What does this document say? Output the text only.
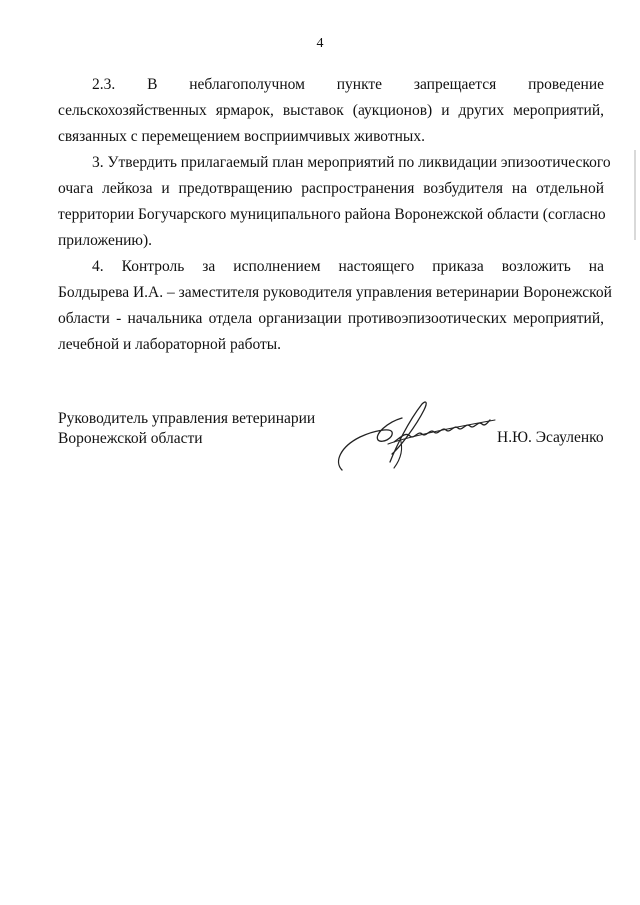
4
2.3. В неблагополучном пункте запрещается проведение
сельскохозяйственных ярмарок, выставок (аукционов) и других мероприятий,
связанных с перемещением восприимчивых животных.
3. Утвердить прилагаемый план мероприятий по ликвидации эпизоотического
очага лейкоза и предотвращению распространения возбудителя на отдельной
территории Богучарского муниципального района Воронежской области (согласно
приложению).
4. Контроль за исполнением настоящего приказа возложить на
Болдырева И.А. – заместителя руководителя управления ветеринарии Воронежской
области - начальника отдела организации противоэпизоотических мероприятий,
лечебной и лабораторной работы.
Руководитель управления ветеринарии
Воронежской области	Н.Ю. Эсауленко
